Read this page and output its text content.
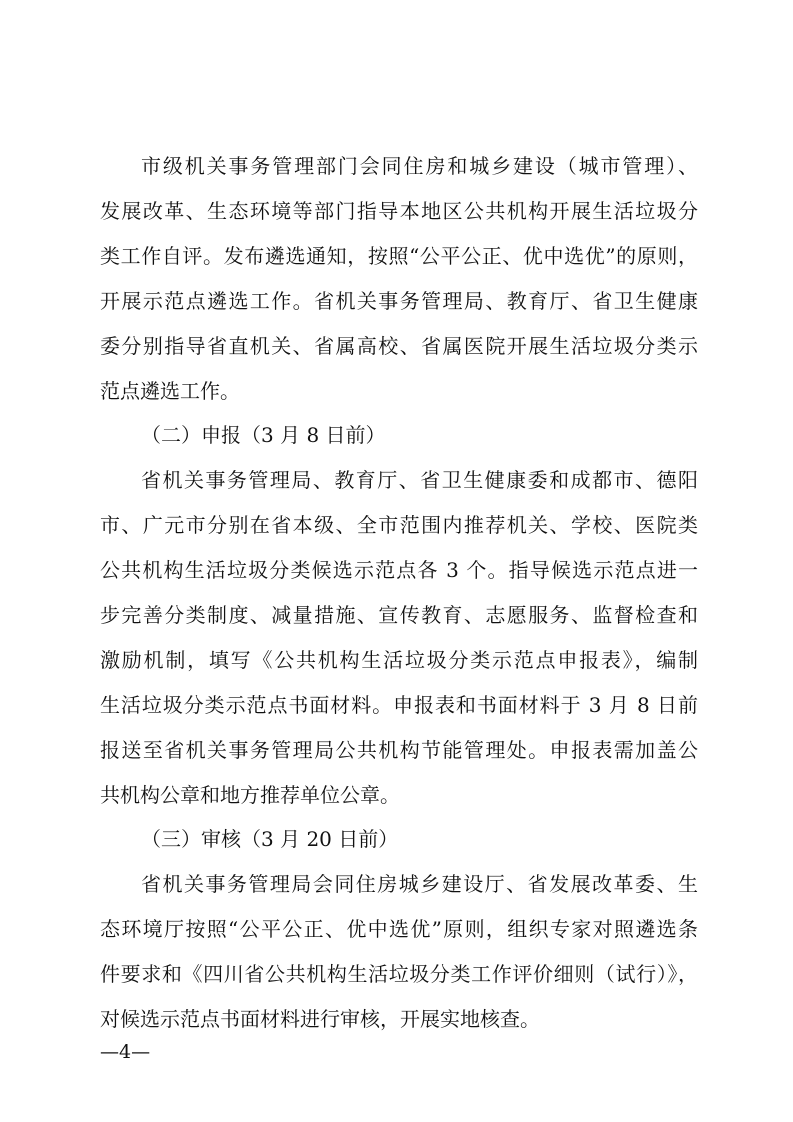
市级机关事务管理部门会同住房和城乡建设（城市管理）、
发展改革、生态环境等部门指导本地区公共机构开展生活垃圾分
类工作自评。发布遴选通知，按照“公平公正、优中选优”的原则，
开展示范点遴选工作。省机关事务管理局、教育厅、省卫生健康
委分别指导省直机关、省属高校、省属医院开展生活垃圾分类示
范点遴选工作。
（二）申报（3 月 8 日前）
省机关事务管理局、教育厅、省卫生健康委和成都市、德阳
市、广元市分别在省本级、全市范围内推荐机关、学校、医院类
公共机构生活垃圾分类候选示范点各 3 个。指导候选示范点进一
步完善分类制度、减量措施、宣传教育、志愿服务、监督检查和
激励机制，填写《公共机构生活垃圾分类示范点申报表》，编制
生活垃圾分类示范点书面材料。申报表和书面材料于 3 月 8 日前
报送至省机关事务管理局公共机构节能管理处。申报表需加盖公
共机构公章和地方推荐单位公章。
（三）审核（3 月 20 日前）
省机关事务管理局会同住房城乡建设厅、省发展改革委、生
态环境厅按照“公平公正、优中选优”原则，组织专家对照遴选条
件要求和《四川省公共机构生活垃圾分类工作评价细则（试行）》，
对候选示范点书面材料进行审核，开展实地核查。
—4—
